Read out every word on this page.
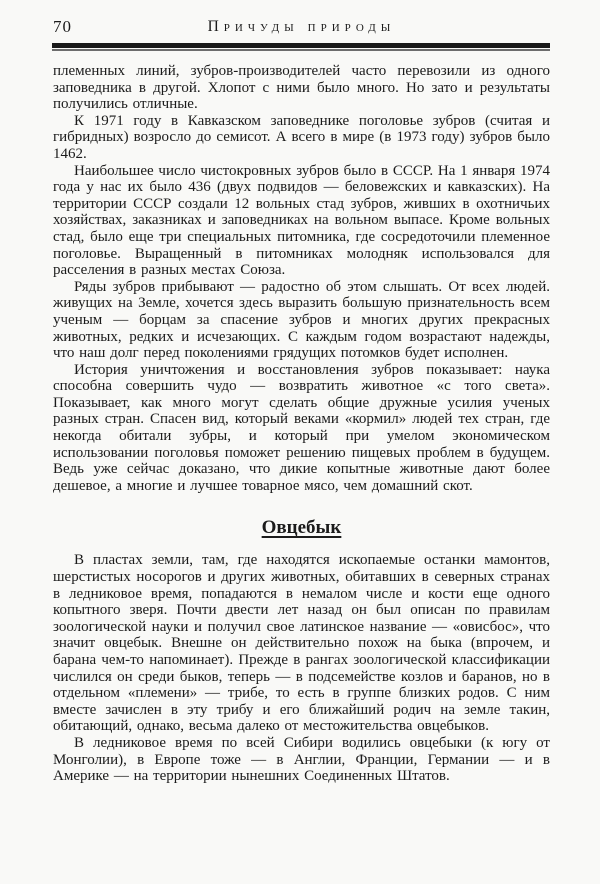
70	Причуды природы

племенных линий, зубров-производителей часто перевозили из одного заповедника в другой. Хлопот с ними было много. Но зато и результаты получились отличные.

К 1971 году в Кавказском заповеднике поголовье зубров (считая и гибридных) возросло до семисот. А всего в мире (в 1973 году) зубров было 1462.

Наибольшее число чистокровных зубров было в СССР. На 1 января 1974 года у нас их было 436 (двух подвидов — беловежских и кавказских). На территории СССР создали 12 вольных стад зубров, живших в охотничьих хозяйствах, заказниках и заповедниках на вольном выпасе. Кроме вольных стад, было еще три специальных питомника, где сосредоточили племенное поголовье. Выращенный в питомниках молодняк использовался для расселения в разных местах Союза.

Ряды зубров прибывают — радостно об этом слышать. От всех людей. живущих на Земле, хочется здесь выразить большую признательность всем ученым — борцам за спасение зубров и многих других прекрасных животных, редких и исчезающих. С каждым годом возрастают надежды, что наш долг перед поколениями грядущих потомков будет исполнен.

История уничтожения и восстановления зубров показывает: наука способна совершить чудо — возвратить животное «с того света». Показывает, как много могут сделать общие дружные усилия ученых разных стран. Спасен вид, который веками «кормил» людей тех стран, где некогда обитали зубры, и который при умелом экономическом использовании поголовья поможет решению пищевых проблем в будущем. Ведь уже сейчас доказано, что дикие копытные животные дают более дешевое, а многие и лучшее товарное мясо, чем домашний скот.

Овцебык

В пластах земли, там, где находятся ископаемые останки мамонтов, шерстистых носорогов и других животных, обитавших в северных странах в ледниковое время, попадаются в немалом числе и кости еще одного копытного зверя. Почти двести лет назад он был описан по правилам зоологической науки и получил свое латинское название — «овисбос», что значит овцебык. Внешне он действительно похож на быка (впрочем, и барана чем-то напоминает). Прежде в рангах зоологической классификации числился он среди быков, теперь — в подсемействе козлов и баранов, но в отдельном «племени» — трибе, то есть в группе близких родов. С ним вместе зачислен в эту трибу и его ближайший родич на земле такин, обитающий, однако, весьма далеко от местожительства овцебыков.

В ледниковое время по всей Сибири водились овцебыки (к югу от Монголии), в Европе тоже — в Англии, Франции, Германии — и в Америке — на территории нынешних Соединенных Штатов.
